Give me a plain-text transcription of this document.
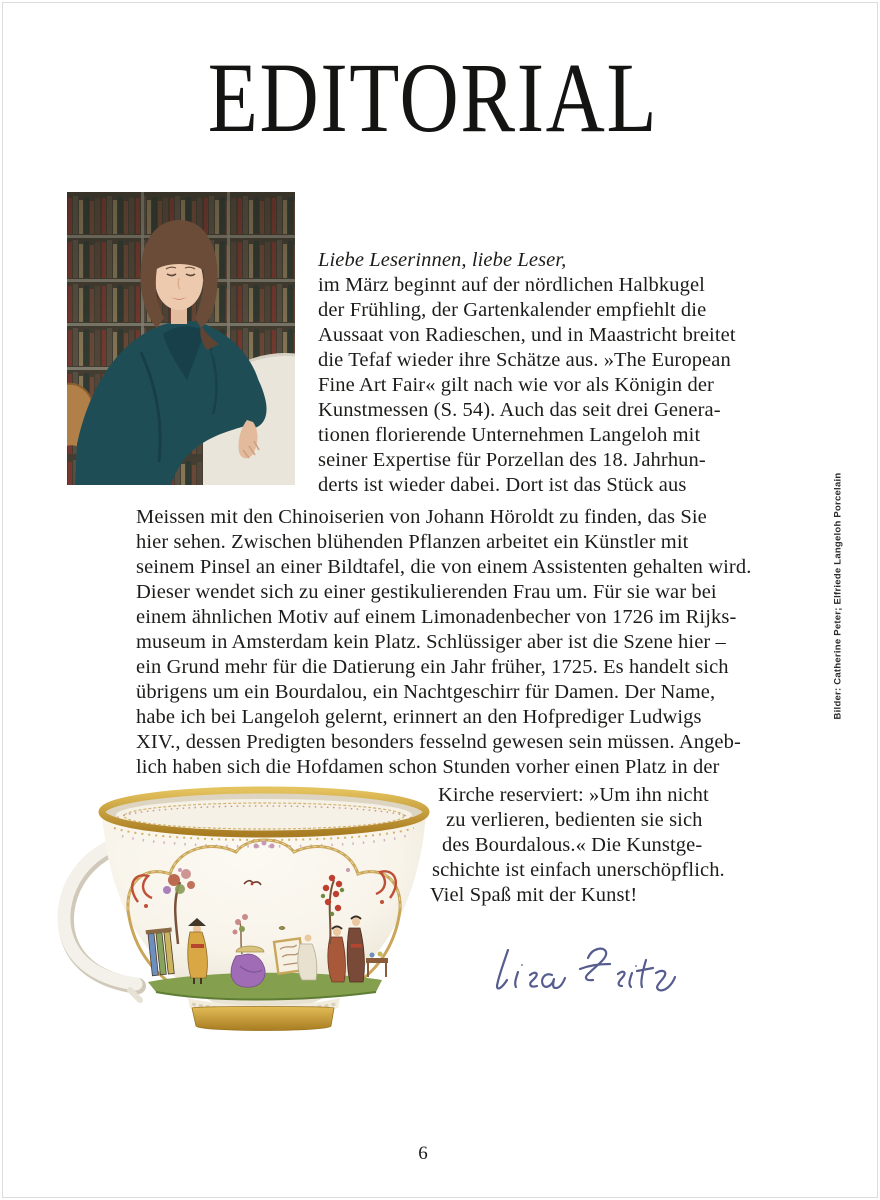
EDITORIAL
Liebe Leserinnen, liebe Leser,
im März beginnt auf der nördlichen Halbkugel
der Frühling, der Gartenkalender empfiehlt die
Aussaat von Radieschen, und in Maastricht breitet
die Tefaf wieder ihre Schätze aus. »The European
Fine Art Fair« gilt nach wie vor als Königin der
Kunstmessen (S. 54). Auch das seit drei Genera-
tionen florierende Unternehmen Langeloh mit
seiner Expertise für Porzellan des 18. Jahrhun-
derts ist wieder dabei. Dort ist das Stück aus
Meissen mit den Chinoiserien von Johann Höroldt zu finden, das Sie
hier sehen. Zwischen blühenden Pflanzen arbeitet ein Künstler mit
seinem Pinsel an einer Bildtafel, die von einem Assistenten gehalten wird.
Dieser wendet sich zu einer gestikulierenden Frau um. Für sie war bei
einem ähnlichen Motiv auf einem Limonadenbecher von 1726 im Rijks-
museum in Amsterdam kein Platz. Schlüssiger aber ist die Szene hier –
ein Grund mehr für die Datierung ein Jahr früher, 1725. Es handelt sich
übrigens um ein Bourdalou, ein Nachtgeschirr für Damen. Der Name,
habe ich bei Langeloh gelernt, erinnert an den Hofprediger Ludwigs
XIV., dessen Predigten besonders fesselnd gewesen sein müssen. Angeb-
lich haben sich die Hofdamen schon Stunden vorher einen Platz in der
Kirche reserviert: »Um ihn nicht
zu verlieren, bedienten sie sich
des Bourdalous.« Die Kunstge-
schichte ist einfach unerschöpflich.
Viel Spaß mit der Kunst!
Bilder: Catherine Peter; Elfriede Langeloh Porcelain
6
